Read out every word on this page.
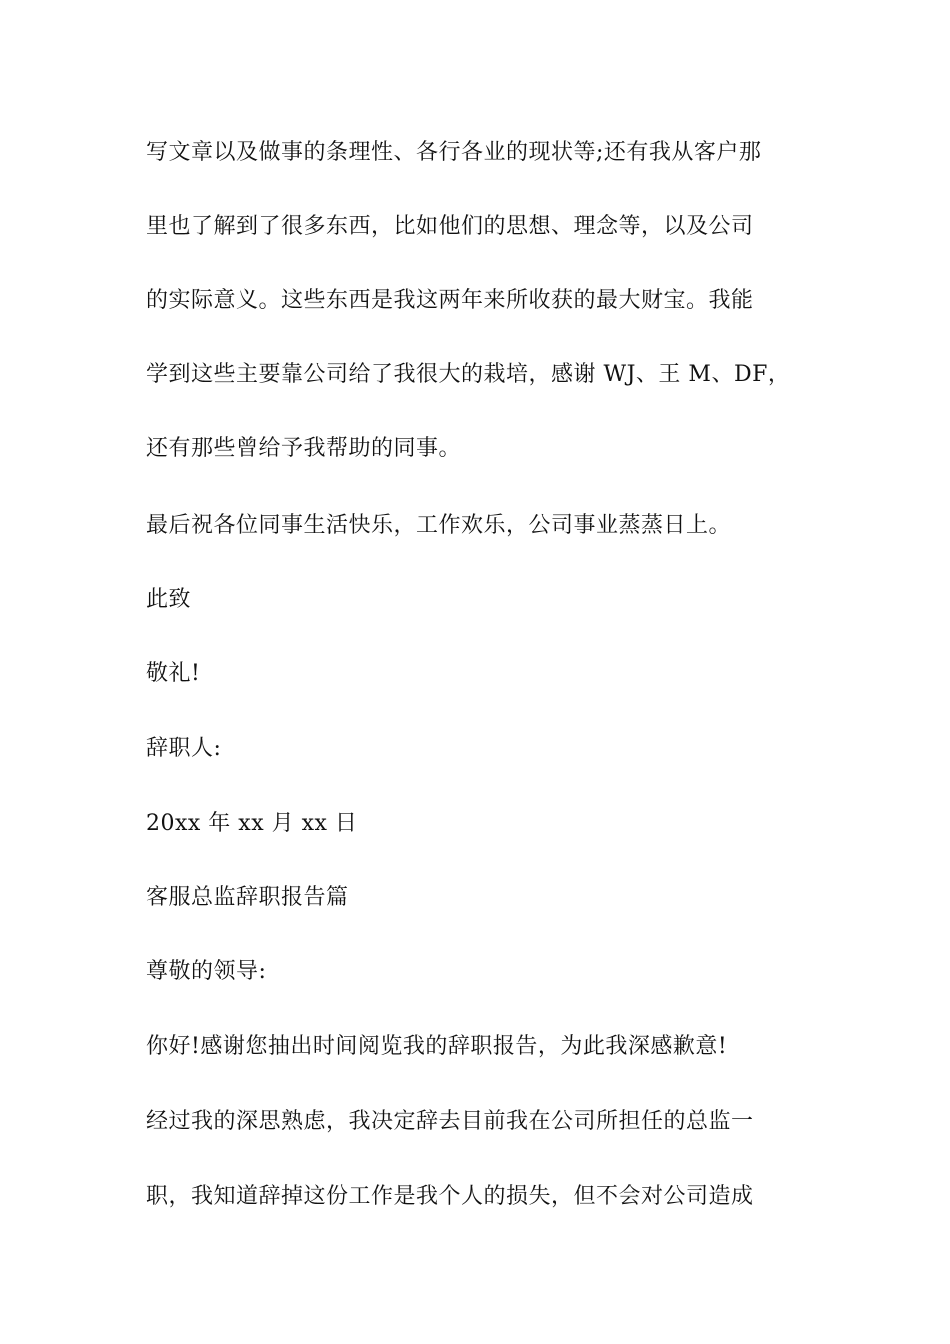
写文章以及做事的条理性、各行各业的现状等;还有我从客户那
里也了解到了很多东西，比如他们的思想、理念等，以及公司
的实际意义。这些东西是我这两年来所收获的最大财宝。我能
学到这些主要靠公司给了我很大的栽培，感谢 WJ、王 M、DF，
还有那些曾给予我帮助的同事。
最后祝各位同事生活快乐，工作欢乐，公司事业蒸蒸日上。
此致
敬礼!
辞职人:
20xx 年 xx 月 xx 日
客服总监辞职报告篇
尊敬的领导:
你好!感谢您抽出时间阅览我的辞职报告，为此我深感歉意!
经过我的深思熟虑，我决定辞去目前我在公司所担任的总监一
职，我知道辞掉这份工作是我个人的损失，但不会对公司造成
